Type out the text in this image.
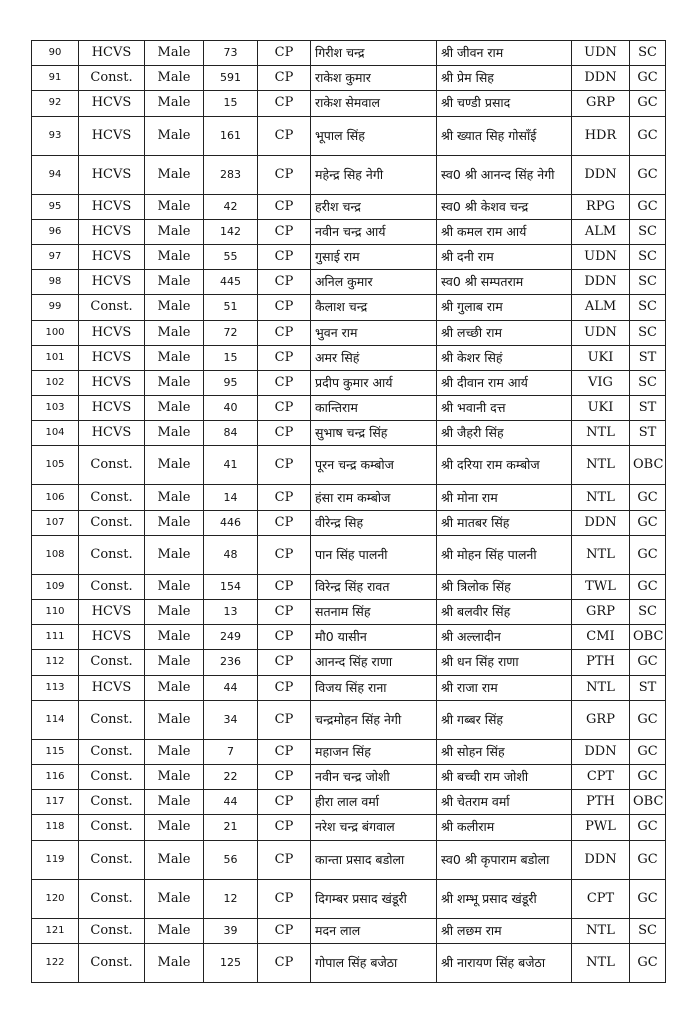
90	HCVS	Male	73	CP	गिरीश चन्द्र	श्री जीवन राम	UDN	SC
91	Const.	Male	591	CP	राकेश कुमार	श्री प्रेम सिह	DDN	GC
92	HCVS	Male	15	CP	राकेश सेमवाल	श्री चण्डी प्रसाद	GRP	GC
93	HCVS	Male	161	CP	भूपाल सिंह	श्री ख्यात सिह गोसाँई	HDR	GC
94	HCVS	Male	283	CP	महेन्द्र सिह नेगी	स्व0 श्री आनन्द सिंह नेगी	DDN	GC
95	HCVS	Male	42	CP	हरीश चन्द्र	स्व0 श्री केशव चन्द्र	RPG	GC
96	HCVS	Male	142	CP	नवीन चन्द्र आर्य	श्री कमल राम आर्य	ALM	SC
97	HCVS	Male	55	CP	गुसाई राम	श्री दनी राम	UDN	SC
98	HCVS	Male	445	CP	अनिल कुमार	स्व0 श्री सम्पतराम	DDN	SC
99	Const.	Male	51	CP	कैलाश चन्द्र	श्री गुलाब राम	ALM	SC
100	HCVS	Male	72	CP	भुवन राम	श्री लच्छी राम	UDN	SC
101	HCVS	Male	15	CP	अमर सिहं	श्री केशर सिहं	UKI	ST
102	HCVS	Male	95	CP	प्रदीप कुमार आर्य	श्री दीवान राम आर्य	VIG	SC
103	HCVS	Male	40	CP	कान्तिराम	श्री भवानी दत्त	UKI	ST
104	HCVS	Male	84	CP	सुभाष चन्द्र सिंह	श्री जैहरी सिंह	NTL	ST
105	Const.	Male	41	CP	पूरन चन्द्र कम्बोज	श्री दरिया राम कम्बोज	NTL	OBC
106	Const.	Male	14	CP	हंसा राम कम्बोज	श्री मोना राम	NTL	GC
107	Const.	Male	446	CP	वीरेन्द्र सिह	श्री मातबर सिंह	DDN	GC
108	Const.	Male	48	CP	पान सिंह पालनी	श्री मोहन सिंह पालनी	NTL	GC
109	Const.	Male	154	CP	विरेन्द्र सिंह रावत	श्री त्रिलोक सिंह	TWL	GC
110	HCVS	Male	13	CP	सतनाम सिंह	श्री बलवीर सिंह	GRP	SC
111	HCVS	Male	249	CP	मौ0 यासीन	श्री अल्लादीन	CMI	OBC
112	Const.	Male	236	CP	आनन्द सिंह राणा	श्री धन सिंह राणा	PTH	GC
113	HCVS	Male	44	CP	विजय सिंह राना	श्री राजा राम	NTL	ST
114	Const.	Male	34	CP	चन्द्रमोहन सिंह नेगी	श्री गब्बर सिंह	GRP	GC
115	Const.	Male	7	CP	महाजन सिंह	श्री सोहन सिंह	DDN	GC
116	Const.	Male	22	CP	नवीन चन्द्र जोशी	श्री बच्ची राम जोशी	CPT	GC
117	Const.	Male	44	CP	हीरा लाल वर्मा	श्री चेतराम वर्मा	PTH	OBC
118	Const.	Male	21	CP	नरेश चन्द्र बंगवाल	श्री कलीराम	PWL	GC
119	Const.	Male	56	CP	कान्ता प्रसाद बडोला	स्व0 श्री कृपाराम बडोला	DDN	GC
120	Const.	Male	12	CP	दिगम्बर प्रसाद खंडूरी	श्री शम्भू प्रसाद खंडूरी	CPT	GC
121	Const.	Male	39	CP	मदन लाल	श्री लछम राम	NTL	SC
122	Const.	Male	125	CP	गोपाल सिंह बजेठा	श्री नारायण सिंह बजेठा	NTL	GC
